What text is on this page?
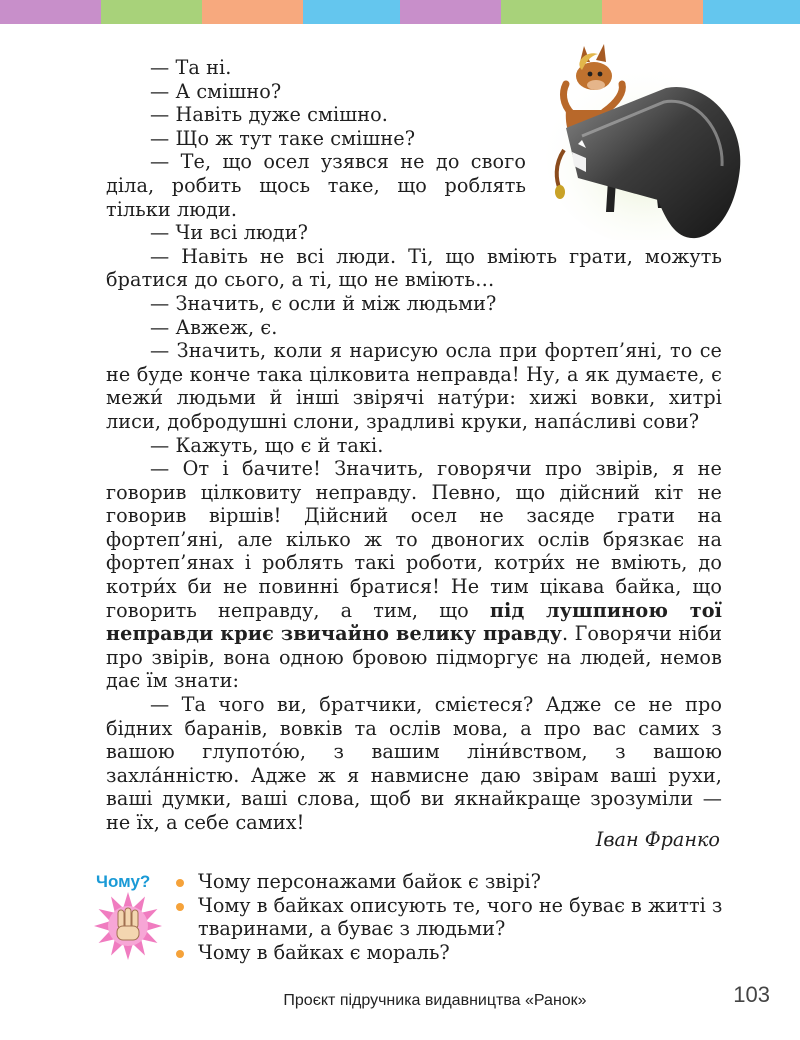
— Та ні.

— А смішно?

— Навіть дуже смішно.

— Що ж тут таке смішне?

— Те, що осел узявся не до свого діла, робить щось таке, що роблять тільки люди.

— Чи всі люди?

— Навіть не всі люди. Ті, що вміють грати, можуть братися до сього, а ті, що не вміють…

— Значить, є осли й між людьми?

— Авжеж, є.

— Значить, коли я нарисую осла при фортеп’яні, то се не буде конче така цілковита неправда! Ну, а як думаєте, є межи́ людьми й інші звірячі нату́ри: хижі вовки, хитрі лиси, добродушні слони, зрадливі круки, напа́сливі сови?

— Кажуть, що є й такі.

— От і бачите! Значить, говорячи про звірів, я не говорив цілковиту неправду. Певно, що дійсний кіт не говорив віршів! Дійсний осел не засяде грати на фортеп’яні, але кілько ж то двоногих ослів брязкає на фортеп’янах і роблять такі роботи, котри́х не вміють, до котри́х би не повинні братися! Не тим цікава байка, що говорить неправду, а тим, що під лушпиною тої неправди криє звичайно велику правду. Говорячи ніби про звірів, вона одною бровою підморгує на людей, немов дає їм знати:

— Та чого ви, братчики, смієтеся? Адже се не про бідних баранів, вовків та ослів мова, а про вас самих з вашою глупото́ю, з вашим ліни́вством, з вашою захла́нністю. Адже ж я навмисне даю звірам ваші рухи, ваші думки, ваші слова, щоб ви якнайкраще зрозуміли — не їх, а себе самих!

Іван Франко
Чому?	Чому персонажами байок є звірі?
Чому в байках описують те, чого не буває в житті з тваринами, а буває з людьми?
Чому в байках є мораль?
Проєкт підручника видавництва «Ранок»	103
